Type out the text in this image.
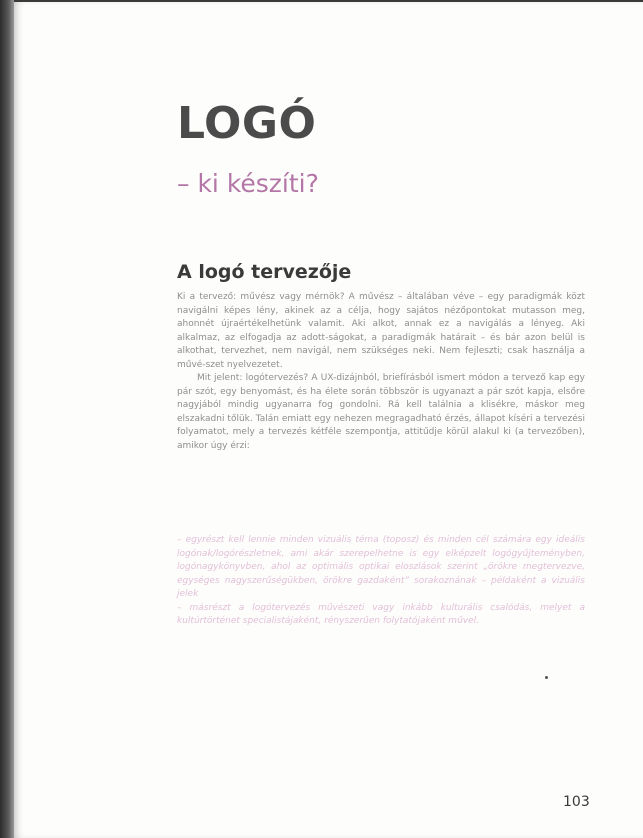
LOGÓ
– ki készíti?
A logó tervezője

Ki a tervező: művész vagy mérnök? A művész – általában véve – egy paradigmák közt navigálni képes lény, akinek az a célja, hogy sajátos nézőpontokat mutasson meg, ahonnét újraértékelhetünk valamit. Aki alkot, annak ez a navigálás a lényeg. Aki alkalmaz, az elfogadja az adott-ságokat, a paradigmák határait – és bár azon belül is alkothat, tervezhet, nem navigál, nem szükséges neki. Nem fejleszti; csak használja a művé-szet nyelvezetet.

Mit jelent: logótervezés? A UX-dizájnból, briefírásból ismert módon a tervező kap egy pár szót, egy benyomást, és ha élete során többször is ugyanazt a pár szót kapja, elsőre nagyjából mindig ugyanarra fog gondolni. Rá kell találnia a klisékre, máskor meg elszakadni tőlük. Talán emiatt egy nehezen megragadható érzés, állapot kíséri a tervezési folyamatot, mely a tervezés kétféle szempontja, attitűdje körül alakul ki (a tervezőben), amikor úgy érzi:

– egyrészt kell lennie minden vizuális téma (toposz) és minden cél számára egy ideális logónak/logórészletnek, ami akár szerepelhetne is egy elképzelt logógyűjteményben, logónagykönyvben, ahol az optimális optikai eloszlások szerint „örökre megtervezve, egységes nagyszerűségükben, örökre gazdaként” sorakoznának – példaként a vizuális jelek

– másrészt a logótervezés művészeti vagy inkább kulturális csalódás, melyet a kultúrtörténet specialistájaként, rényszerűen folytatójaként művel.

103
